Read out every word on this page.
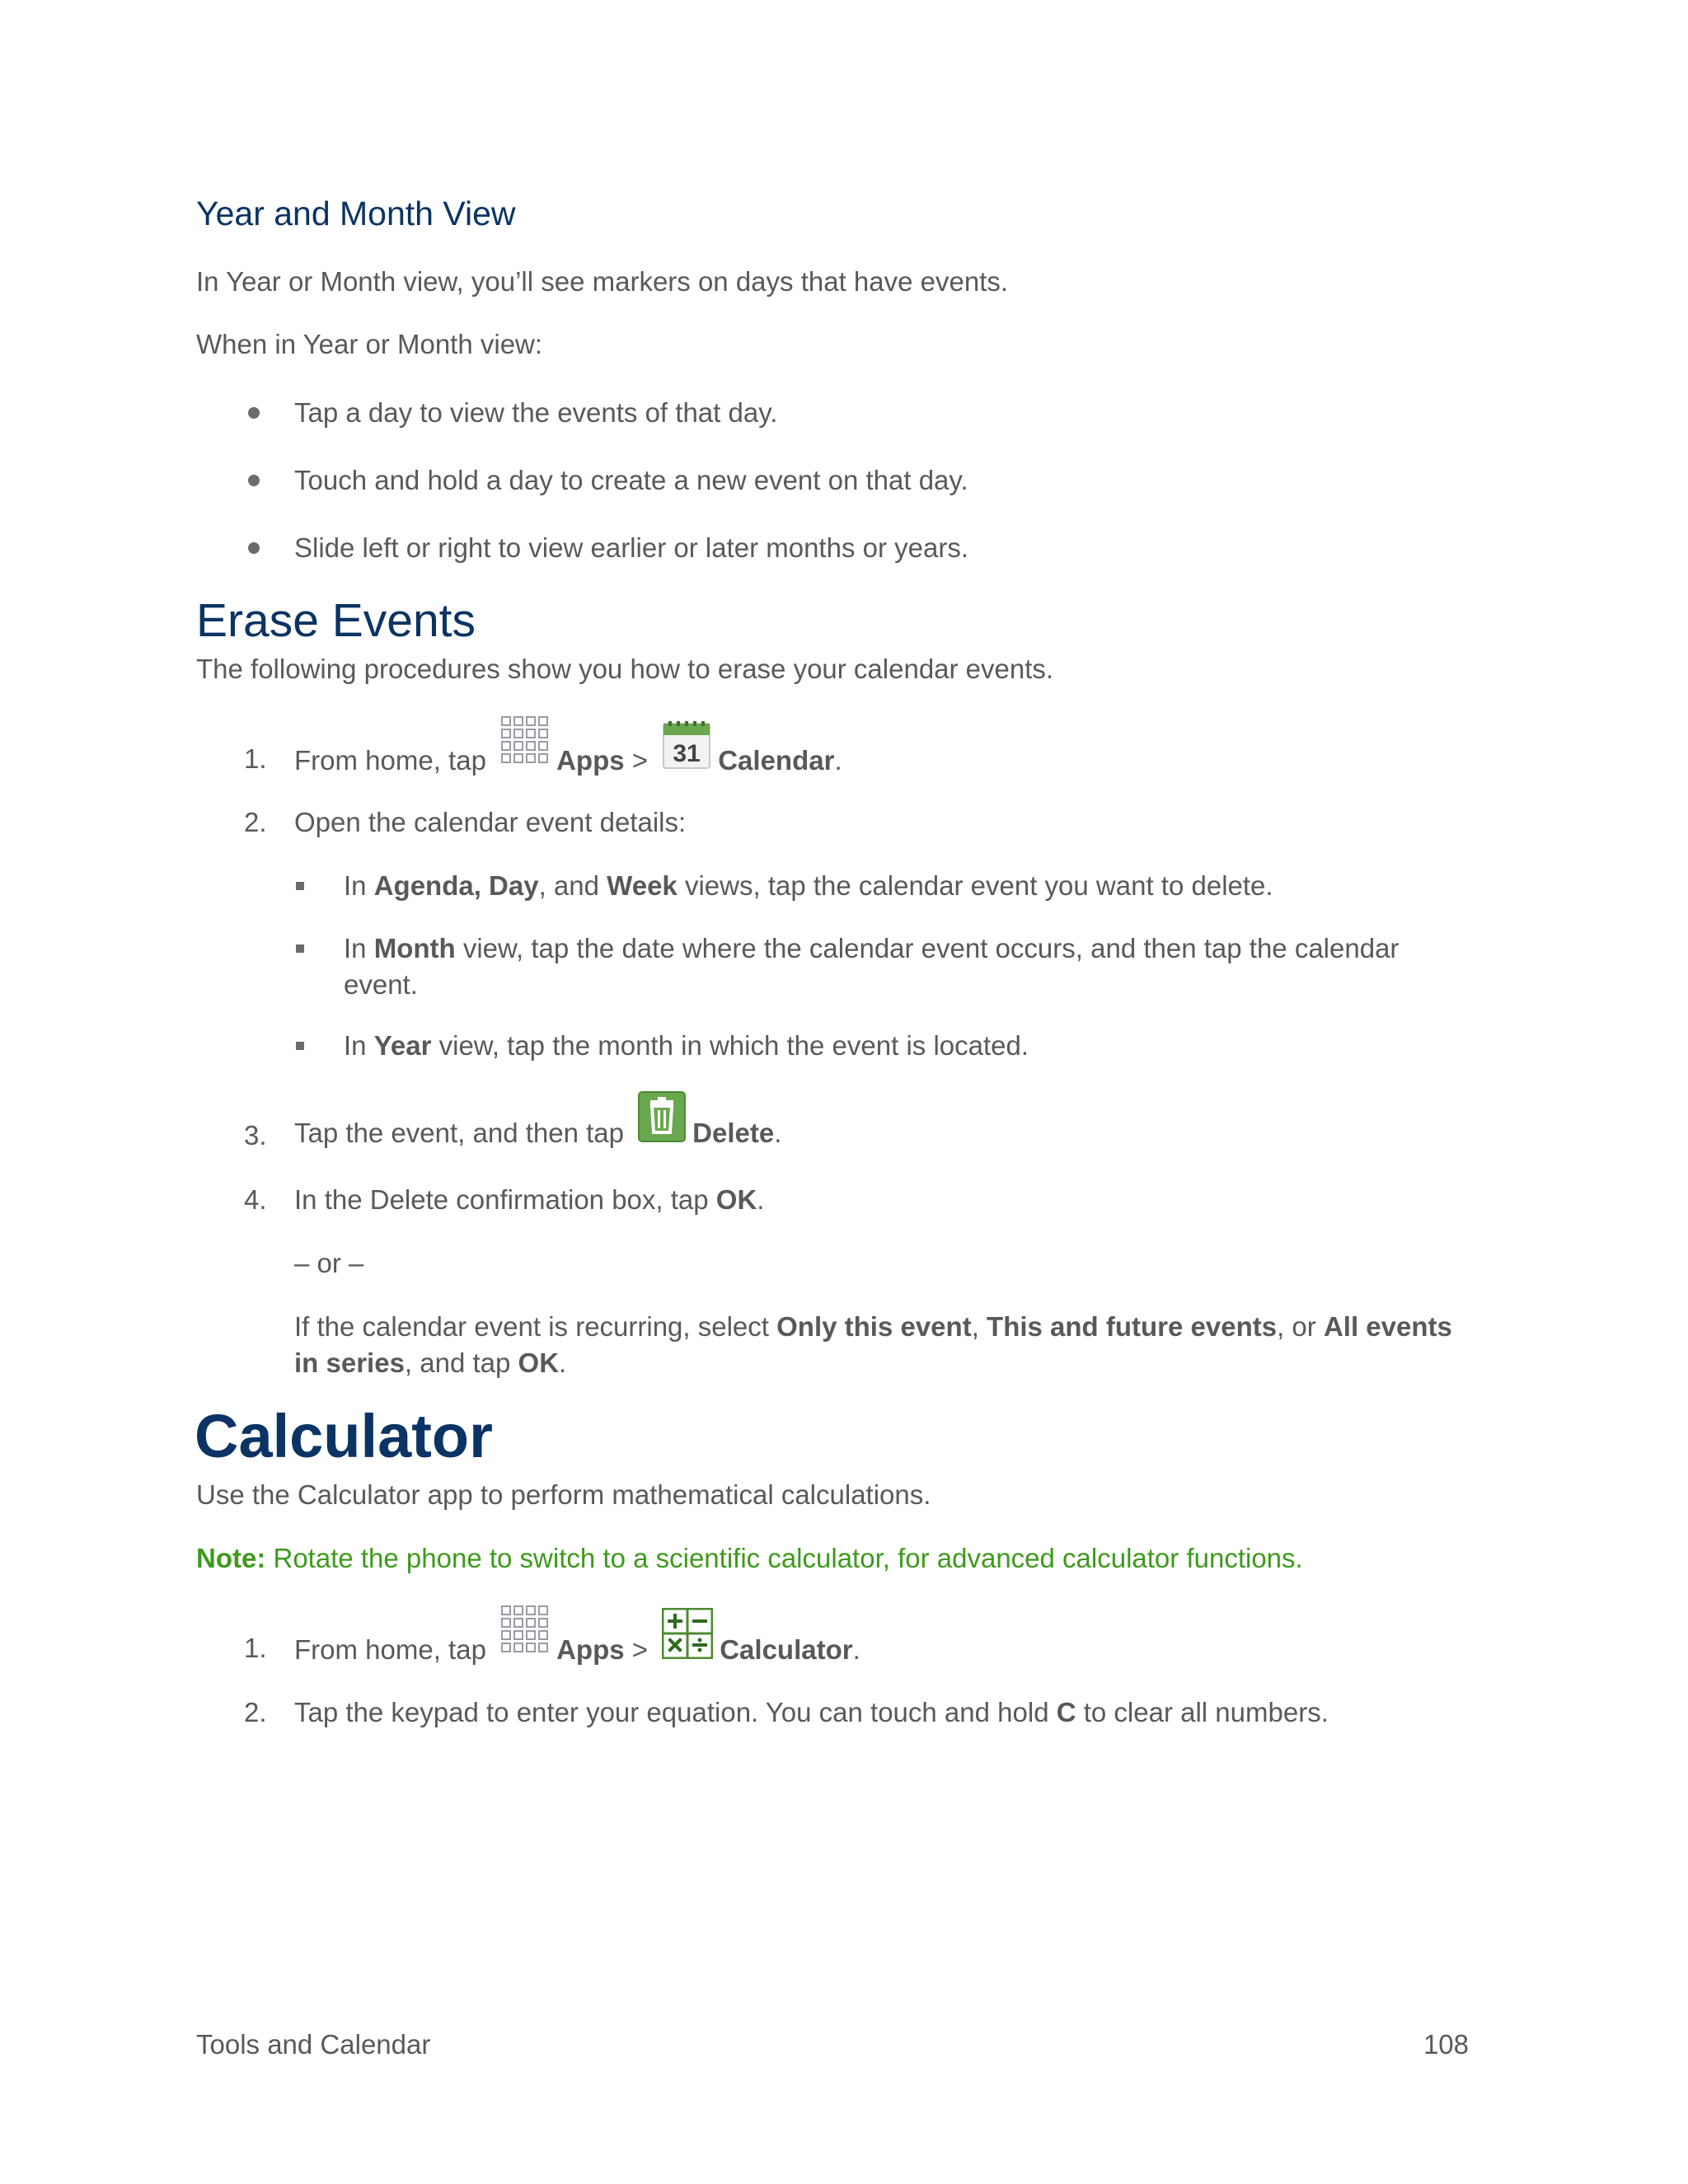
Year and Month View
In Year or Month view, you’ll see markers on days that have events.
When in Year or Month view:
Tap a day to view the events of that day.
Touch and hold a day to create a new event on that day.
Slide left or right to view earlier or later months or years.
Erase Events
The following procedures show you how to erase your calendar events.
1. From home, tap	Apps > 31 Calendar.
2. Open the calendar event details:
In Agenda, Day, and Week views, tap the calendar event you want to delete.
In Month view, tap the date where the calendar event occurs, and then tap the calendar
event.
In Year view, tap the month in which the event is located.
3. Tap the event, and then tap	Delete.
4. In the Delete confirmation box, tap OK.
– or –
If the calendar event is recurring, select Only this event, This and future events, or All events
in series, and tap OK.
Calculator
Use the Calculator app to perform mathematical calculations.
Note: Rotate the phone to switch to a scientific calculator, for advanced calculator functions.
1. From home, tap	Apps >	Calculator.
2. Tap the keypad to enter your equation. You can touch and hold C to clear all numbers.
Tools and Calendar	108
